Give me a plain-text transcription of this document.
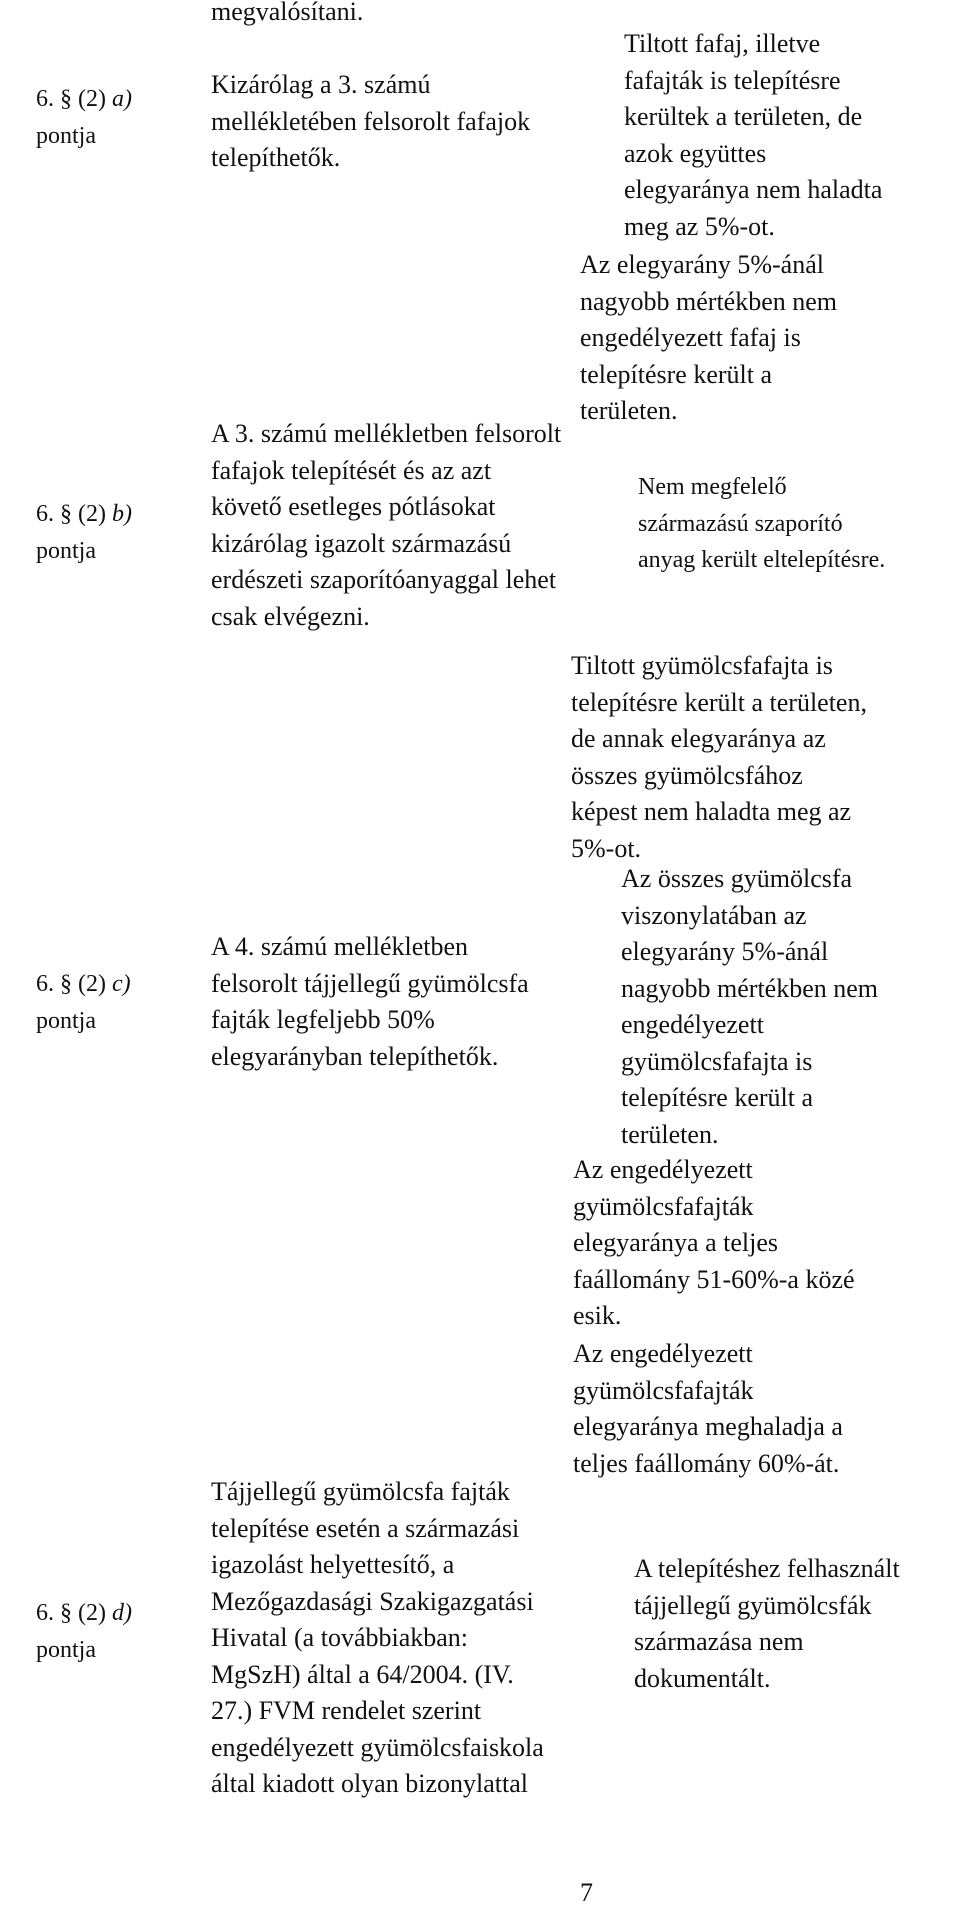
6. § (2) a)
pontja
megvalósítani.

Kizárólag a 3. számú
mellékletében felsorolt fafajok
telepíthetők.
Tiltott fafaj, illetve
fafajták is telepítésre
kerültek a területen, de
azok együttes
elegyaránya nem haladta
meg az 5%-ot.
Az elegyarány 5%-ánál
nagyobb mértékben nem
engedélyezett fafaj is
telepítésre került a
területen.
6. § (2) b)
pontja
A 3. számú mellékletben felsorolt
fafajok telepítését és az azt
követő esetleges pótlásokat
kizárólag igazolt származású
erdészeti szaporítóanyaggal lehet
csak elvégezni.
Nem megfelelő
származású szaporító
anyag került eltelepítésre.
6. § (2) c)
pontja
A 4. számú mellékletben
felsorolt tájjellegű gyümölcsfa
fajták legfeljebb 50%
elegyarányban telepíthetők.
Tiltott gyümölcsfafajta is
telepítésre került a területen,
de annak elegyaránya az
összes gyümölcsfához
képest nem haladta meg az
5%-ot.
Az összes gyümölcsfa
viszonylatában az
elegyarány 5%-ánál
nagyobb mértékben nem
engedélyezett
gyümölcsfafajta is
telepítésre került a
területen.
Az engedélyezett
gyümölcsfafajták
elegyaránya a teljes
faállomány 51-60%-a közé
esik.
Az engedélyezett
gyümölcsfafajták
elegyaránya meghaladja a
teljes faállomány 60%-át.
6. § (2) d)
pontja
Tájjellegű gyümölcsfa fajták
telepítése esetén a származási
igazolást helyettesítő, a
Mezőgazdasági Szakigazgatási
Hivatal (a továbbiakban:
MgSzH) által a 64/2004. (IV.
27.) FVM rendelet szerint
engedélyezett gyümölcsfaiskola
által kiadott olyan bizonylattal
A telepítéshez felhasznált
tájjellegű gyümölcsfák
származása nem
dokumentált.
7
